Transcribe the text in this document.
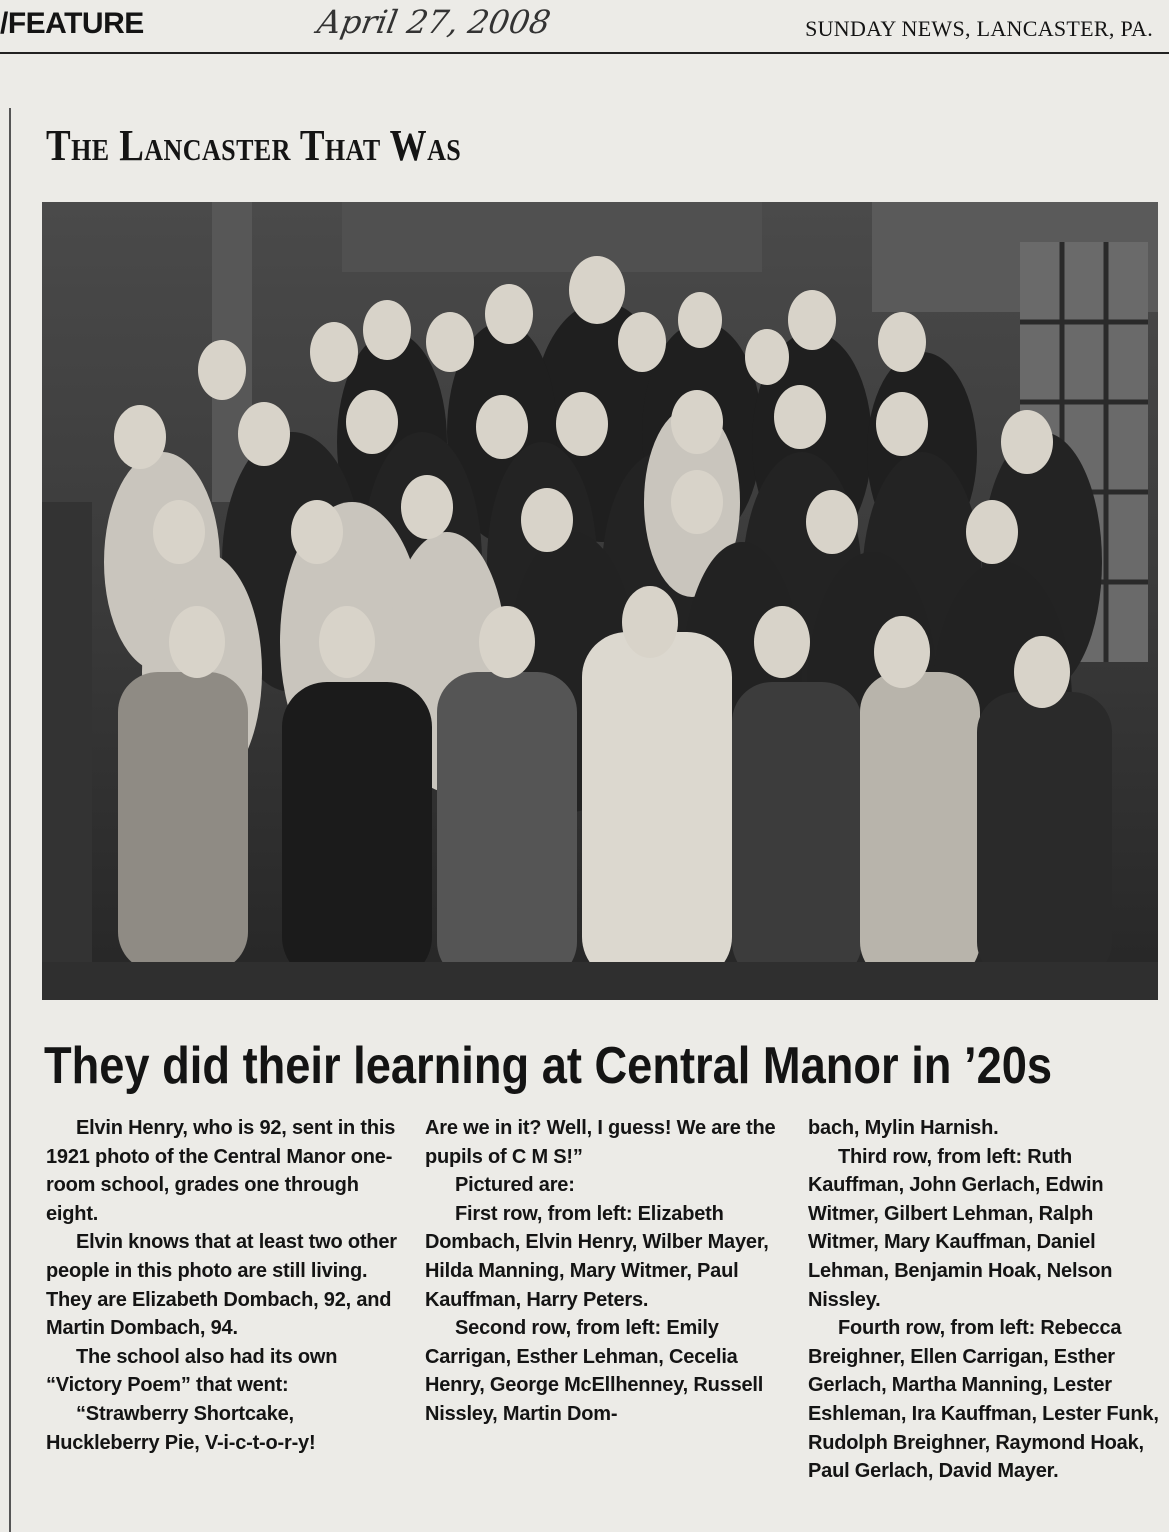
/FEATURE	April 27, 2008	SUNDAY NEWS, LANCASTER, PA.
The Lancaster That Was
They did their learning at Central Manor in ’20s

Elvin Henry, who is 92, sent in this 1921 photo of the Central Manor one-room school, grades one through eight.

Elvin knows that at least two other people in this photo are still living. They are Elizabeth Dombach, 92, and Martin Dombach, 94.

The school also had its own “Victory Poem” that went:

“Strawberry Shortcake, Huckleberry Pie, V-i-c-t-o-r-y!

Are we in it? Well, I guess! We are the pupils of C M S!”

Pictured are:

First row, from left: Elizabeth Dombach, Elvin Henry, Wilber Mayer, Hilda Manning, Mary Witmer, Paul Kauffman, Harry Peters.

Second row, from left: Emily Carrigan, Esther Lehman, Cecelia Henry, George McEllhenney, Russell Nissley, Martin Dom-

bach, Mylin Harnish.

Third row, from left: Ruth Kauffman, John Gerlach, Edwin Witmer, Gilbert Lehman, Ralph Witmer, Mary Kauffman, Daniel Lehman, Benjamin Hoak, Nelson Nissley.

Fourth row, from left: Rebecca Breighner, Ellen Carrigan, Esther Gerlach, Martha Manning, Lester Eshleman, Ira Kauffman, Lester Funk, Rudolph Breighner, Raymond Hoak, Paul Gerlach, David Mayer.
